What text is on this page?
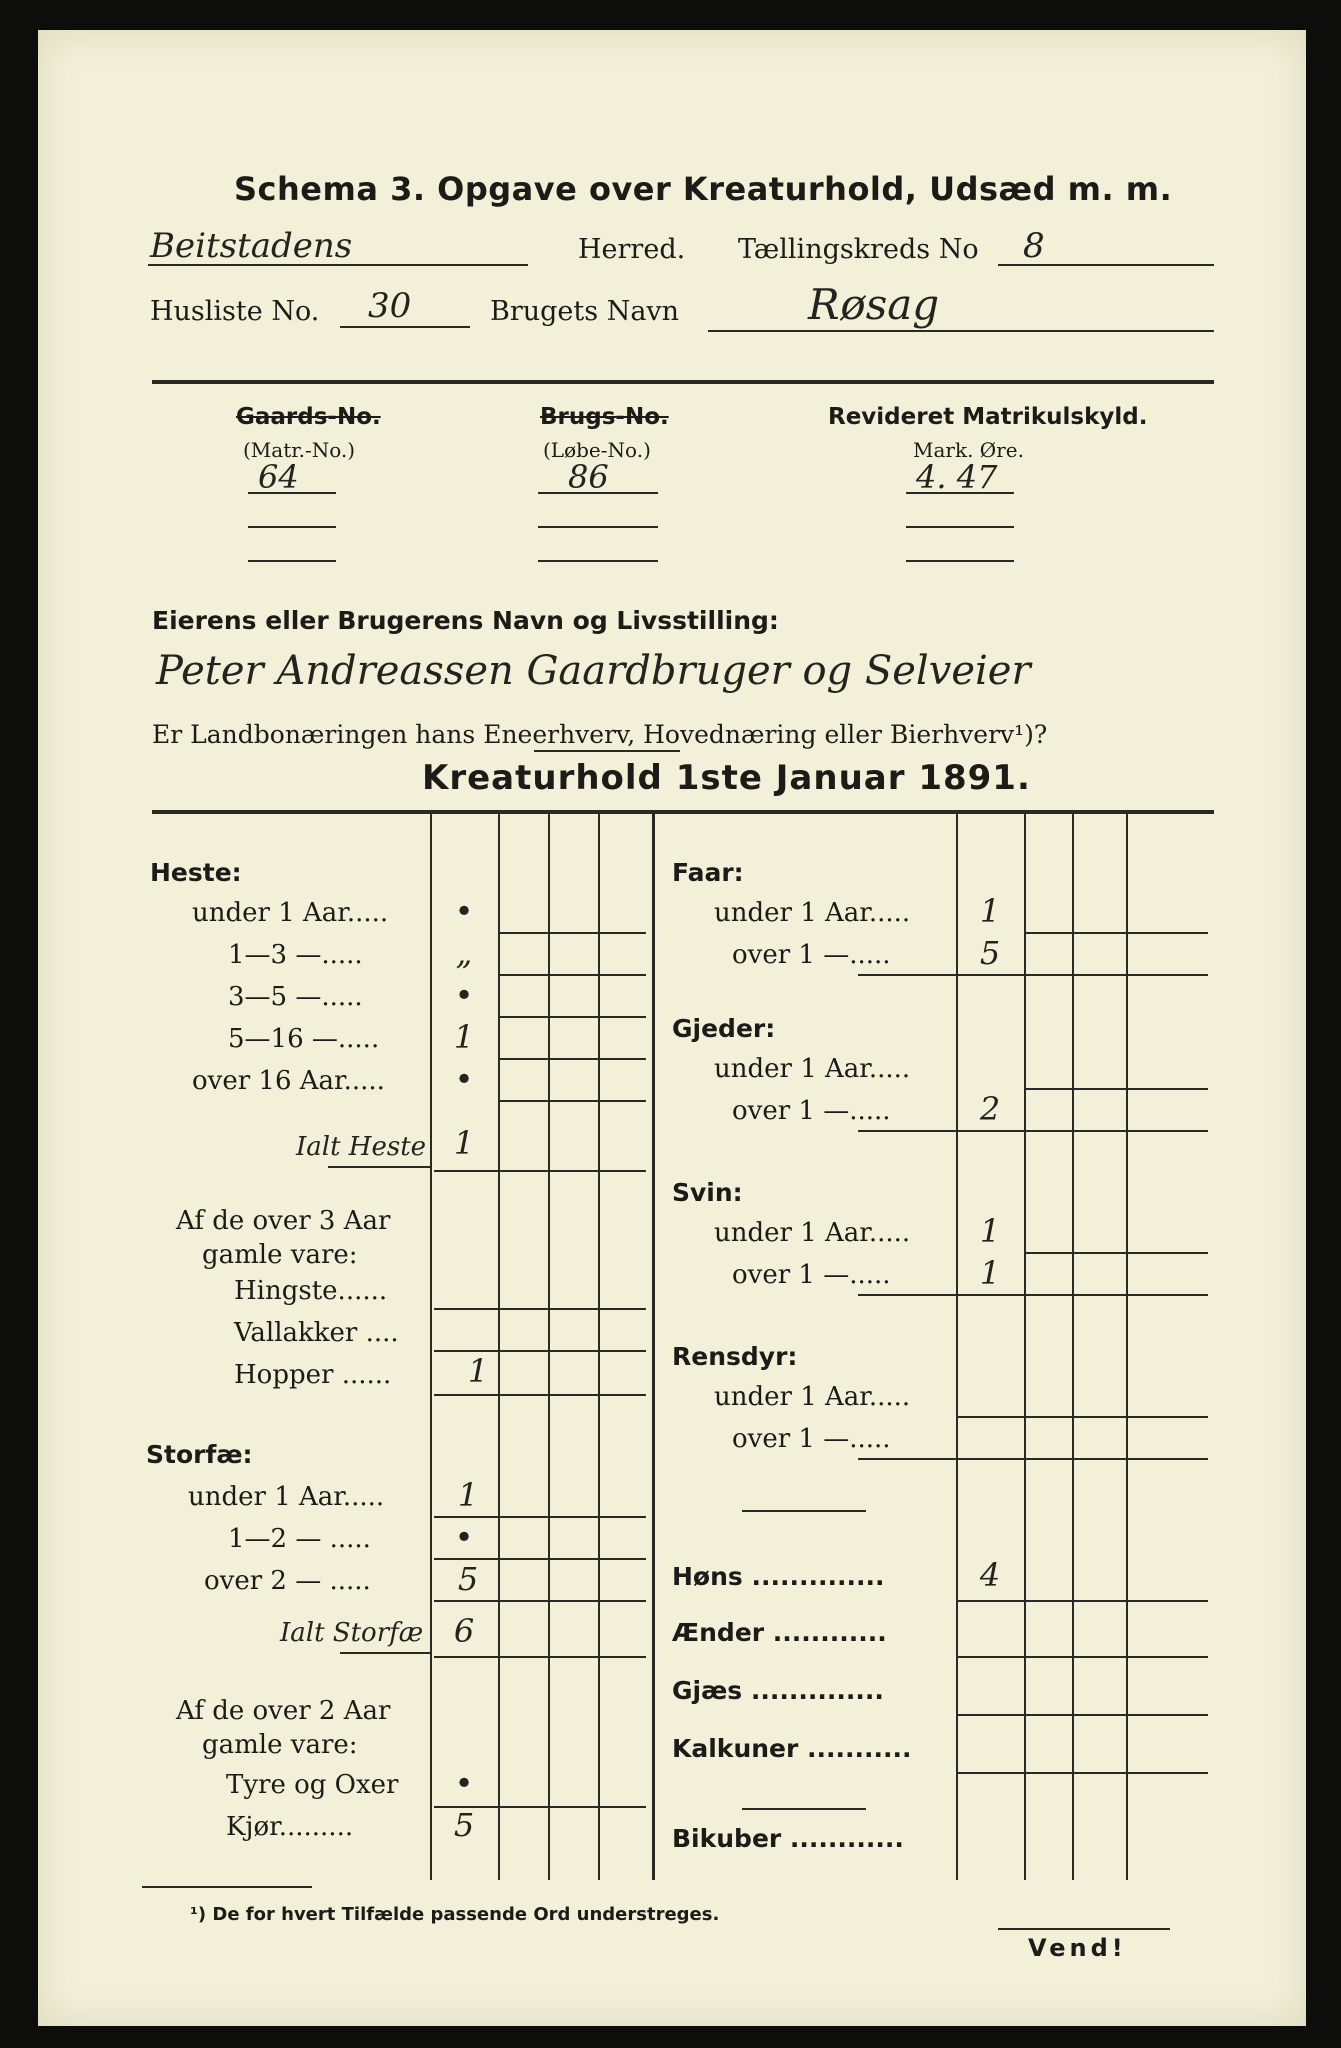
Schema 3. Opgave over Kreaturhold, Udsæd m. m.
Beitstadens	Herred. Tællingskreds No 8
Husliste No. 30	Brugets Navn	Røsag
Gaards-No.
(Matr.-No.)
64
Brugs-No.
(Løbe-No.)
86
Revideret Matrikulskyld.
Mark. Øre.
4. 47
Eierens eller Brugerens Navn og Livsstilling:
Peter Andreassen Gaardbruger og Selveier
Er Landbonæringen hans Eneerhverv, Hovednæring eller Bierhverv¹)?
Kreaturhold 1ste Januar 1891.
Heste:
under 1 Aar.....	•
1—3 —.....	„
3—5 —.....	•
5—16 —.....	1
over 16 Aar.....	•
Ialt Heste 1
Af de over 3 Aar
gamle vare:
Hingste......
Vallakker ....
Hopper ......	1
Storfæ:
under 1 Aar.....	1
1—2 — .....	•
over 2 — .....	5
Ialt Storfæ 6
Af de over 2 Aar
gamle vare:
Tyre og Oxer	•
Kjør.........	5
Faar:
under 1 Aar.....	1
over 1 —.....	5
Gjeder:
under 1 Aar.....
over 1 —.....	2
Svin:
under 1 Aar.....	1
over 1 —.....	1
Rensdyr:
under 1 Aar.....
over 1 —.....
Høns ..............	4
Ænder ............
Gjæs ..............
Kalkuner ...........
Bikuber ............
¹) De for hvert Tilfælde passende Ord understreges.
Vend!
